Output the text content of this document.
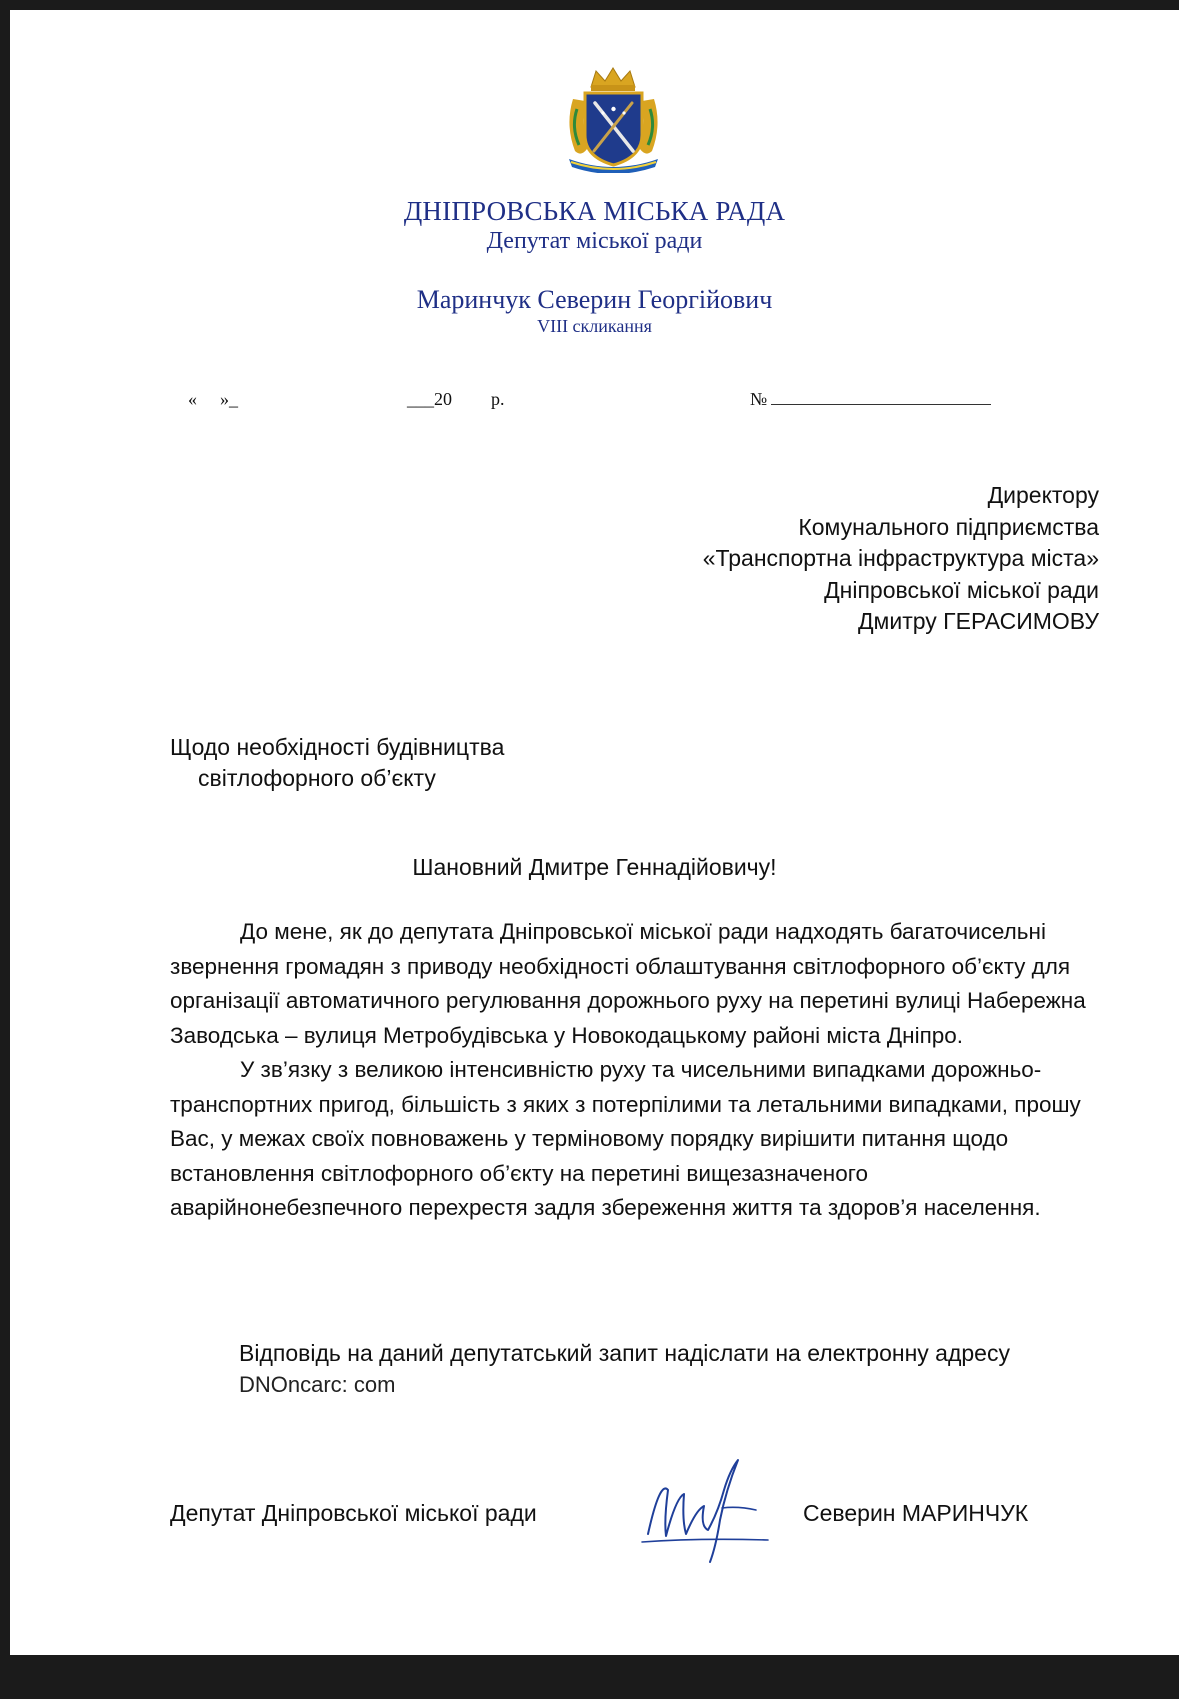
ДНІПРОВСЬКА МІСЬКА РАДА
Депутат міської ради
Маринчук Северин Георгійович
VIII скликання
« »_	___20 р.	№
Директору
Комунального підприємства
«Транспортна інфраструктура міста»
Дніпровської міської ради
Дмитру ГЕРАСИМОВУ
Щодо необхідності будівництва
світлофорного об’єкту
Шановний Дмитре Геннадійовичу!

До мене, як до депутата Дніпровської міської ради надходять багаточисельні звернення громадян з приводу необхідності облаштування світлофорного об’єкту для організації автоматичного регулювання дорожнього руху на перетині вулиці Набережна Заводська – вулиця Метробудівська у Новокодацькому районі міста Дніпро.

У зв’язку з великою інтенсивністю руху та чисельними випадками дорожньо-транспортних пригод, більшість з яких з потерпілими та летальними випадками, прошу Вас, у межах своїх повноважень у терміновому порядку вирішити питання щодо встановлення світлофорного об’єкту на перетині вищезазначеного аварійнонебезпечного перехрестя задля збереження життя та здоров’я населення.

Відповідь на даний депутатський запит надіслати на електронну адресу
DNOncarc: com
Депутат Дніпровської міської ради	Северин МАРИНЧУК
